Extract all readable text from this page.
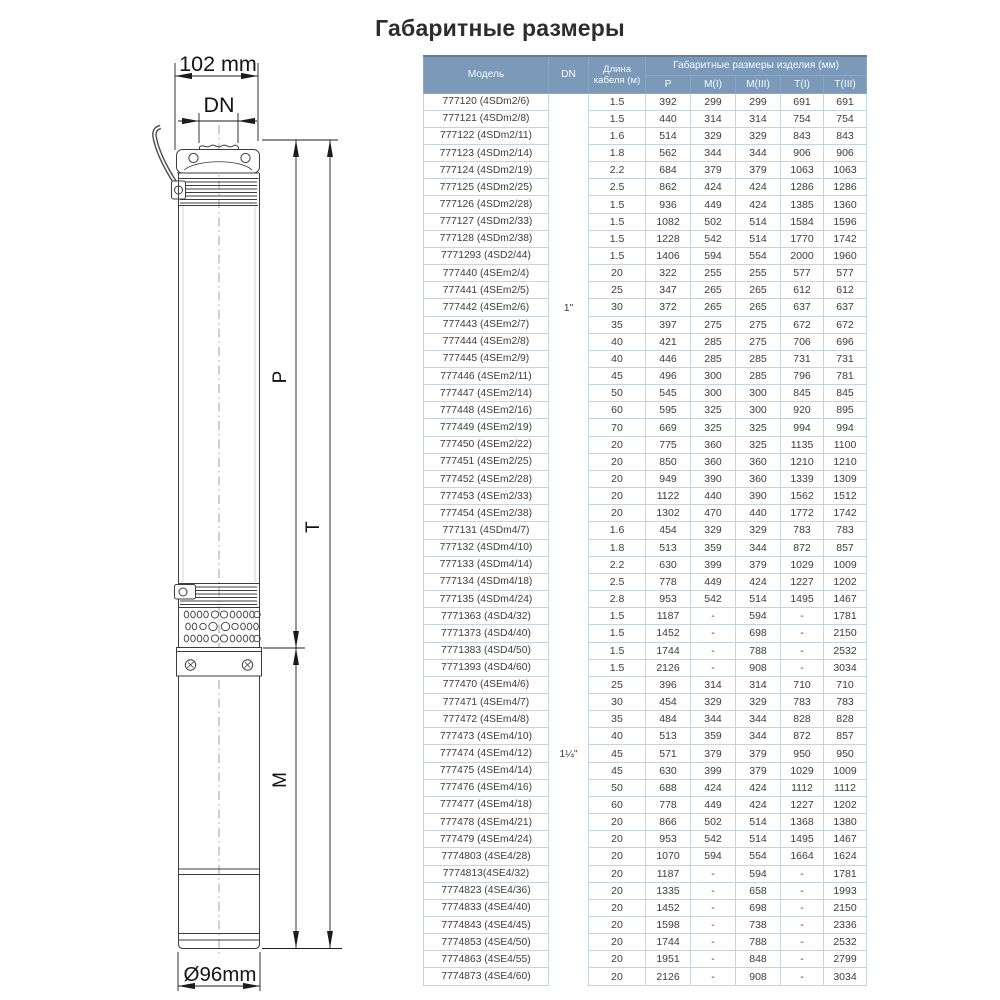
Габаритные размеры
102 mm
DN
P
T
M
Ø96mm
Модель	DN	Длина кабеля (м)	Габаритные размеры изделия (мм)				
			P	M(I)	M(III)	T(I)	T(III)
777120 (4SDm2/6)	1"	1.5	392	299	299	691	691
777121 (4SDm2/8)		1.5	440	314	314	754	754
777122 (4SDm2/11)		1.6	514	329	329	843	843
777123 (4SDm2/14)		1.8	562	344	344	906	906
777124 (4SDm2/19)		2.2	684	379	379	1063	1063
777125 (4SDm2/25)		2.5	862	424	424	1286	1286
777126 (4SDm2/28)		1.5	936	449	424	1385	1360
777127 (4SDm2/33)		1.5	1082	502	514	1584	1596
777128 (4SDm2/38)		1.5	1228	542	514	1770	1742
7771293 (4SD2/44)		1.5	1406	594	554	2000	1960
777440 (4SEm2/4)		20	322	255	255	577	577
777441 (4SEm2/5)		25	347	265	265	612	612
777442 (4SEm2/6)		30	372	265	265	637	637
777443 (4SEm2/7)		35	397	275	275	672	672
777444 (4SEm2/8)		40	421	285	275	706	696
777445 (4SEm2/9)		40	446	285	285	731	731
777446 (4SEm2/11)		45	496	300	285	796	781
777447 (4SEm2/14)		50	545	300	300	845	845
777448 (4SEm2/16)		60	595	325	300	920	895
777449 (4SEm2/19)		70	669	325	325	994	994
777450 (4SEm2/22)		20	775	360	325	1135	1100
777451 (4SEm2/25)		20	850	360	360	1210	1210
777452 (4SEm2/28)		20	949	390	360	1339	1309
777453 (4SEm2/33)		20	1122	440	390	1562	1512
777454 (4SEm2/38)		20	1302	470	440	1772	1742
777131 (4SDm4/7)	1¼"	1.6	454	329	329	783	783
777132 (4SDm4/10)		1.8	513	359	344	872	857
777133 (4SDm4/14)		2.2	630	399	379	1029	1009
777134 (4SDm4/18)		2.5	778	449	424	1227	1202
777135 (4SDm4/24)		2.8	953	542	514	1495	1467
7771363 (4SD4/32)		1.5	1187	-	594	-	1781
7771373 (4SD4/40)		1.5	1452	-	698	-	2150
7771383 (4SD4/50)		1.5	1744	-	788	-	2532
7771393 (4SD4/60)		1.5	2126	-	908	-	3034
777470 (4SEm4/6)		25	396	314	314	710	710
777471 (4SEm4/7)		30	454	329	329	783	783
777472 (4SEm4/8)		35	484	344	344	828	828
777473 (4SEm4/10)		40	513	359	344	872	857
777474 (4SEm4/12)		45	571	379	379	950	950
777475 (4SEm4/14)		45	630	399	379	1029	1009
777476 (4SEm4/16)		50	688	424	424	1112	1112
777477 (4SEm4/18)		60	778	449	424	1227	1202
777478 (4SEm4/21)		20	866	502	514	1368	1380
777479 (4SEm4/24)		20	953	542	514	1495	1467
7774803 (4SE4/28)		20	1070	594	554	1664	1624
7774813(4SE4/32)		20	1187	-	594	-	1781
7774823 (4SE4/36)		20	1335	-	658	-	1993
7774833 (4SE4/40)		20	1452	-	698	-	2150
7774843 (4SE4/45)		20	1598	-	738	-	2336
7774853 (4SE4/50)		20	1744	-	788	-	2532
7774863 (4SE4/55)		20	1951	-	848	-	2799
7774873 (4SE4/60)		20	2126	-	908	-	3034
